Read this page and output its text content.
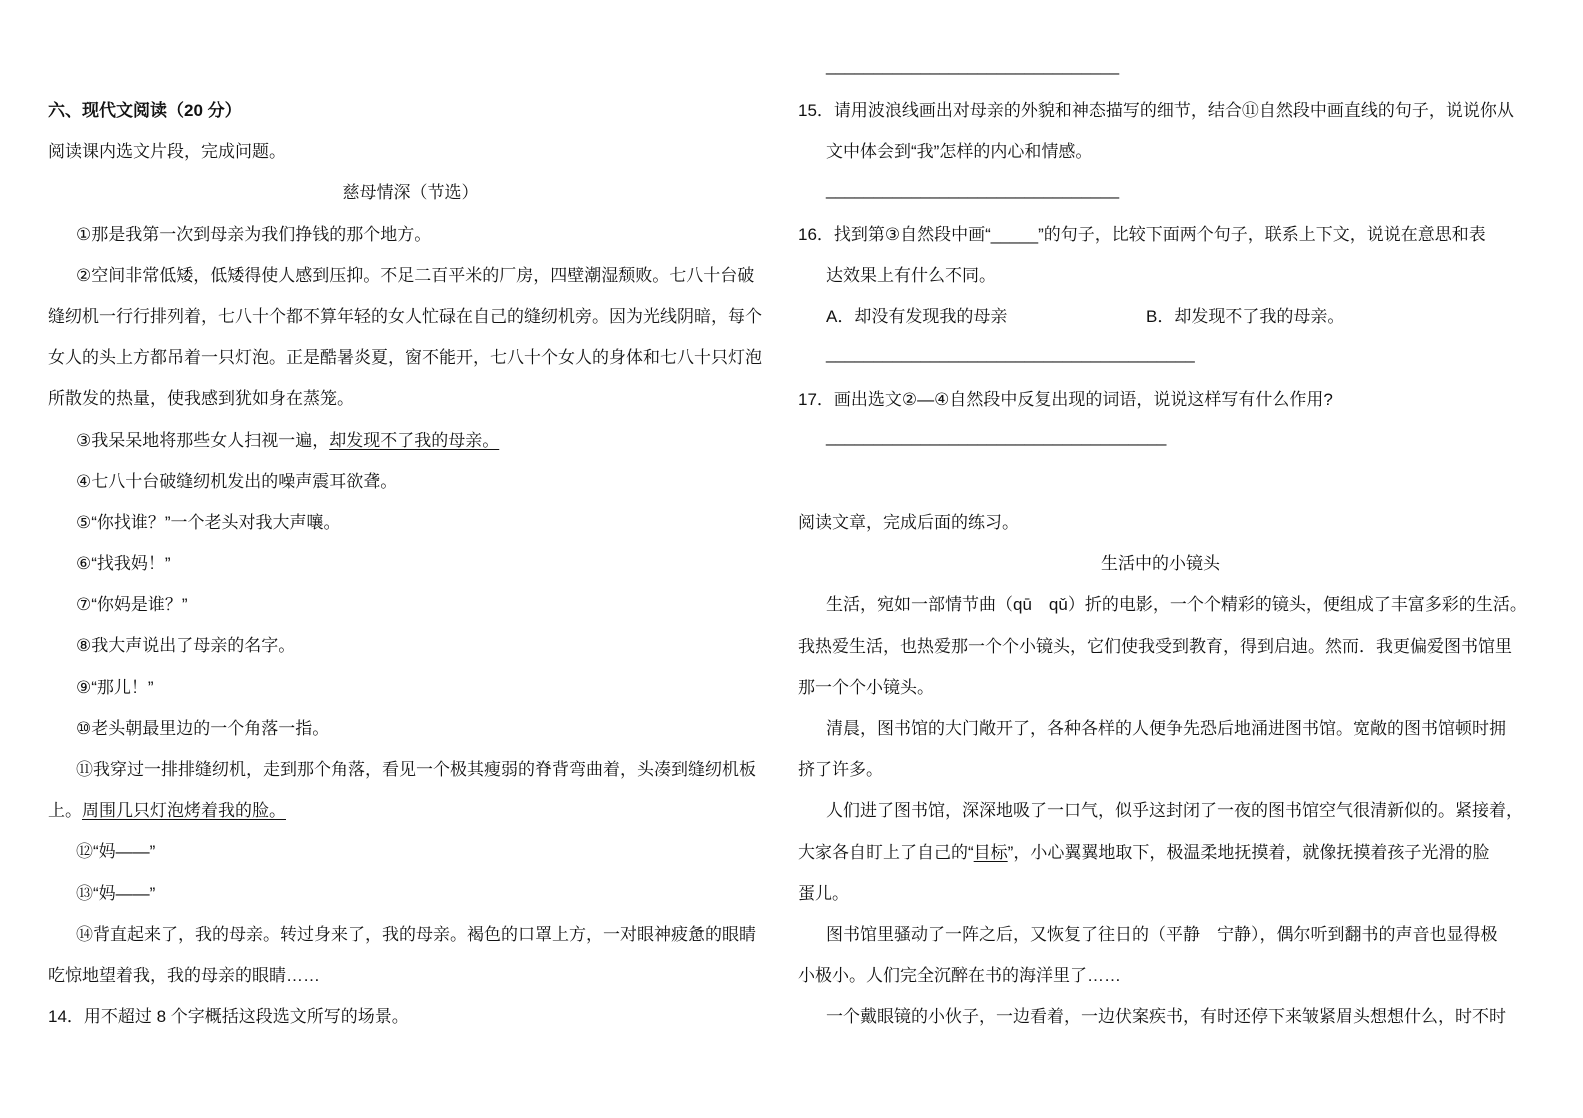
六、现代文阅读（20 分）
阅读课内选文片段，完成问题。
慈母情深（节选）
①那是我第一次到母亲为我们挣钱的那个地方。
②空间非常低矮，低矮得使人感到压抑。不足二百平米的厂房，四壁潮湿颓败。七八十台破
缝纫机一行行排列着，七八十个都不算年轻的女人忙碌在自己的缝纫机旁。因为光线阴暗，每个
女人的头上方都吊着一只灯泡。正是酷暑炎夏，窗不能开，七八十个女人的身体和七八十只灯泡
所散发的热量，使我感到犹如身在蒸笼。
③我呆呆地将那些女人扫视一遍，却发现不了我的母亲。
④七八十台破缝纫机发出的噪声震耳欲聋。
⑤“你找谁？”一个老头对我大声嚷。
⑥“找我妈！”
⑦“你妈是谁？”
⑧我大声说出了母亲的名字。
⑨“那儿！”
⑩老头朝最里边的一个角落一指。
⑪我穿过一排排缝纫机，走到那个角落，看见一个极其瘦弱的脊背弯曲着，头凑到缝纫机板
上。周围几只灯泡烤着我的脸。
⑫“妈——”
⑬“妈——”
⑭背直起来了，我的母亲。转过身来了，我的母亲。褐色的口罩上方，一对眼神疲惫的眼睛
吃惊地望着我，我的母亲的眼睛……
14．用不超过 8 个字概括这段选文所写的场景。
_______________________________
15．请用波浪线画出对母亲的外貌和神态描写的细节，结合⑪自然段中画直线的句子，说说你从
文中体会到“我”怎样的内心和情感。
_______________________________
16．找到第③自然段中画“_____”的句子，比较下面两个句子，联系上下文，说说在意思和表
达效果上有什么不同。
A．却没有发现我的母亲	B．却发现不了我的母亲。
_______________________________________
17．画出选文②—④自然段中反复出现的词语，说说这样写有什么作用?
____________________________________
阅读文章，完成后面的练习。
生活中的小镜头
生活，宛如一部情节曲（qū　qǔ）折的电影，一个个精彩的镜头，便组成了丰富多彩的生活。
我热爱生活，也热爱那一个个小镜头，它们使我受到教育，得到启迪。然而．我更偏爱图书馆里
那一个个小镜头。
清晨，图书馆的大门敞开了，各种各样的人便争先恐后地涌进图书馆。宽敞的图书馆顿时拥
挤了许多。
人们进了图书馆，深深地吸了一口气，似乎这封闭了一夜的图书馆空气很清新似的。紧接着，
大家各自盯上了自己的“目标”，小心翼翼地取下，极温柔地抚摸着，就像抚摸着孩子光滑的脸
蛋儿。
图书馆里骚动了一阵之后，又恢复了往日的（平静　宁静），偶尔听到翻书的声音也显得极
小极小。人们完全沉醉在书的海洋里了……
一个戴眼镜的小伙子，一边看着，一边伏案疾书，有时还停下来皱紧眉头想想什么，时不时
